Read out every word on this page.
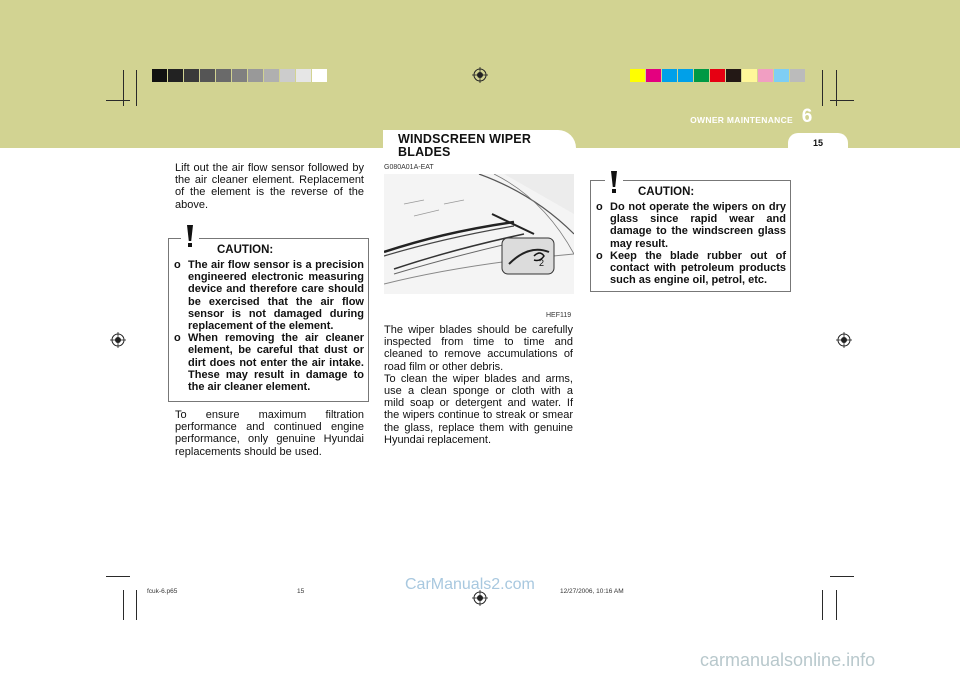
OWNER MAINTENANCE 6
15
WINDSCREEN WIPER
BLADES

Lift out the air flow sensor followed by the air cleaner element. Replacement of the element is the reverse of the above.

CAUTION:
o The air flow sensor is a precision engineered electronic measuring device and therefore care should be exercised that the air flow sensor is not damaged during replacement of the element.
o When removing the air cleaner element, be careful that dust or dirt does not enter the air intake. These may result in damage to the air cleaner element.

To ensure maximum filtration performance and continued engine performance, only genuine Hyundai replacements should be used.

G080A01A-EAT
2
HEF119

The wiper blades should be carefully inspected from time to time and cleaned to remove accumulations of road film or other debris.
To clean the wiper blades and arms, use a clean sponge or cloth with a mild soap or detergent and water. If the wipers continue to streak or smear the glass, replace them with genuine Hyundai replacement.

CAUTION:
o Do not operate the wipers on dry glass since rapid wear and damage to the windscreen glass may result.
o Keep the blade rubber out of contact with petroleum products such as engine oil, petrol, etc.
fcuk-6.p65	15	12/27/2006, 10:16 AM
CarManuals2.com
carmanualsonline.info
